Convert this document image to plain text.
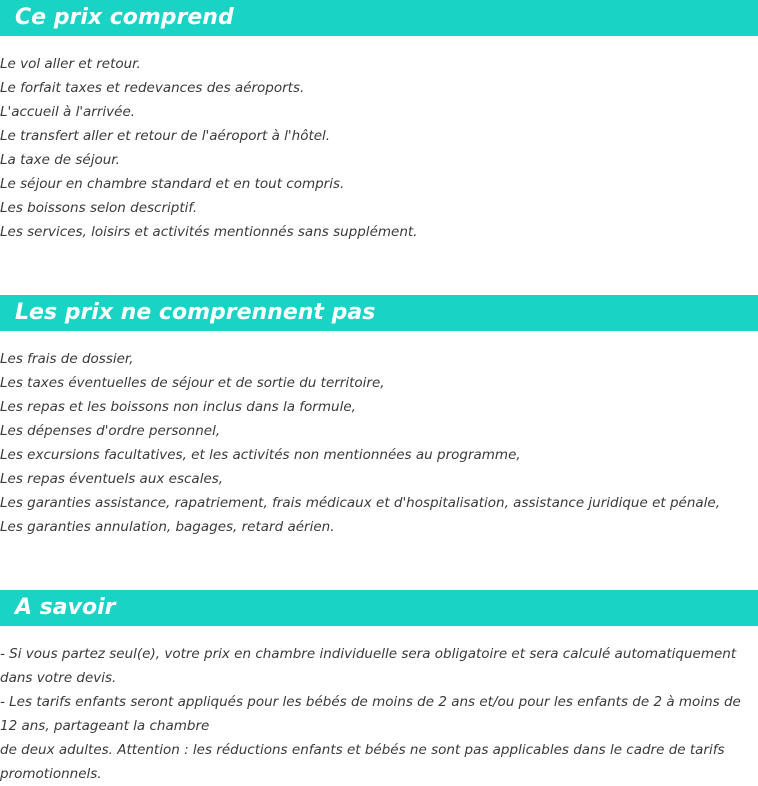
Ce prix comprend
Le vol aller et retour.
Le forfait taxes et redevances des aéroports.
L'accueil à l'arrivée.
Le transfert aller et retour de l'aéroport à l'hôtel.
La taxe de séjour.
Le séjour en chambre standard et en tout compris.
Les boissons selon descriptif.
Les services, loisirs et activités mentionnés sans supplément.
Les prix ne comprennent pas
Les frais de dossier,
Les taxes éventuelles de séjour et de sortie du territoire,
Les repas et les boissons non inclus dans la formule,
Les dépenses d'ordre personnel,
Les excursions facultatives, et les activités non mentionnées au programme,
Les repas éventuels aux escales,
Les garanties assistance, rapatriement, frais médicaux et d'hospitalisation, assistance juridique et pénale,
Les garanties annulation, bagages, retard aérien.
A savoir

- Si vous partez seul(e), votre prix en chambre individuelle sera obligatoire et sera calculé automatiquement dans votre devis.

- Les tarifs enfants seront appliqués pour les bébés de moins de 2 ans et/ou pour les enfants de 2 à moins de 12 ans, partageant la chambre

de deux adultes. Attention : les réductions enfants et bébés ne sont pas applicables dans le cadre de tarifs promotionnels.
